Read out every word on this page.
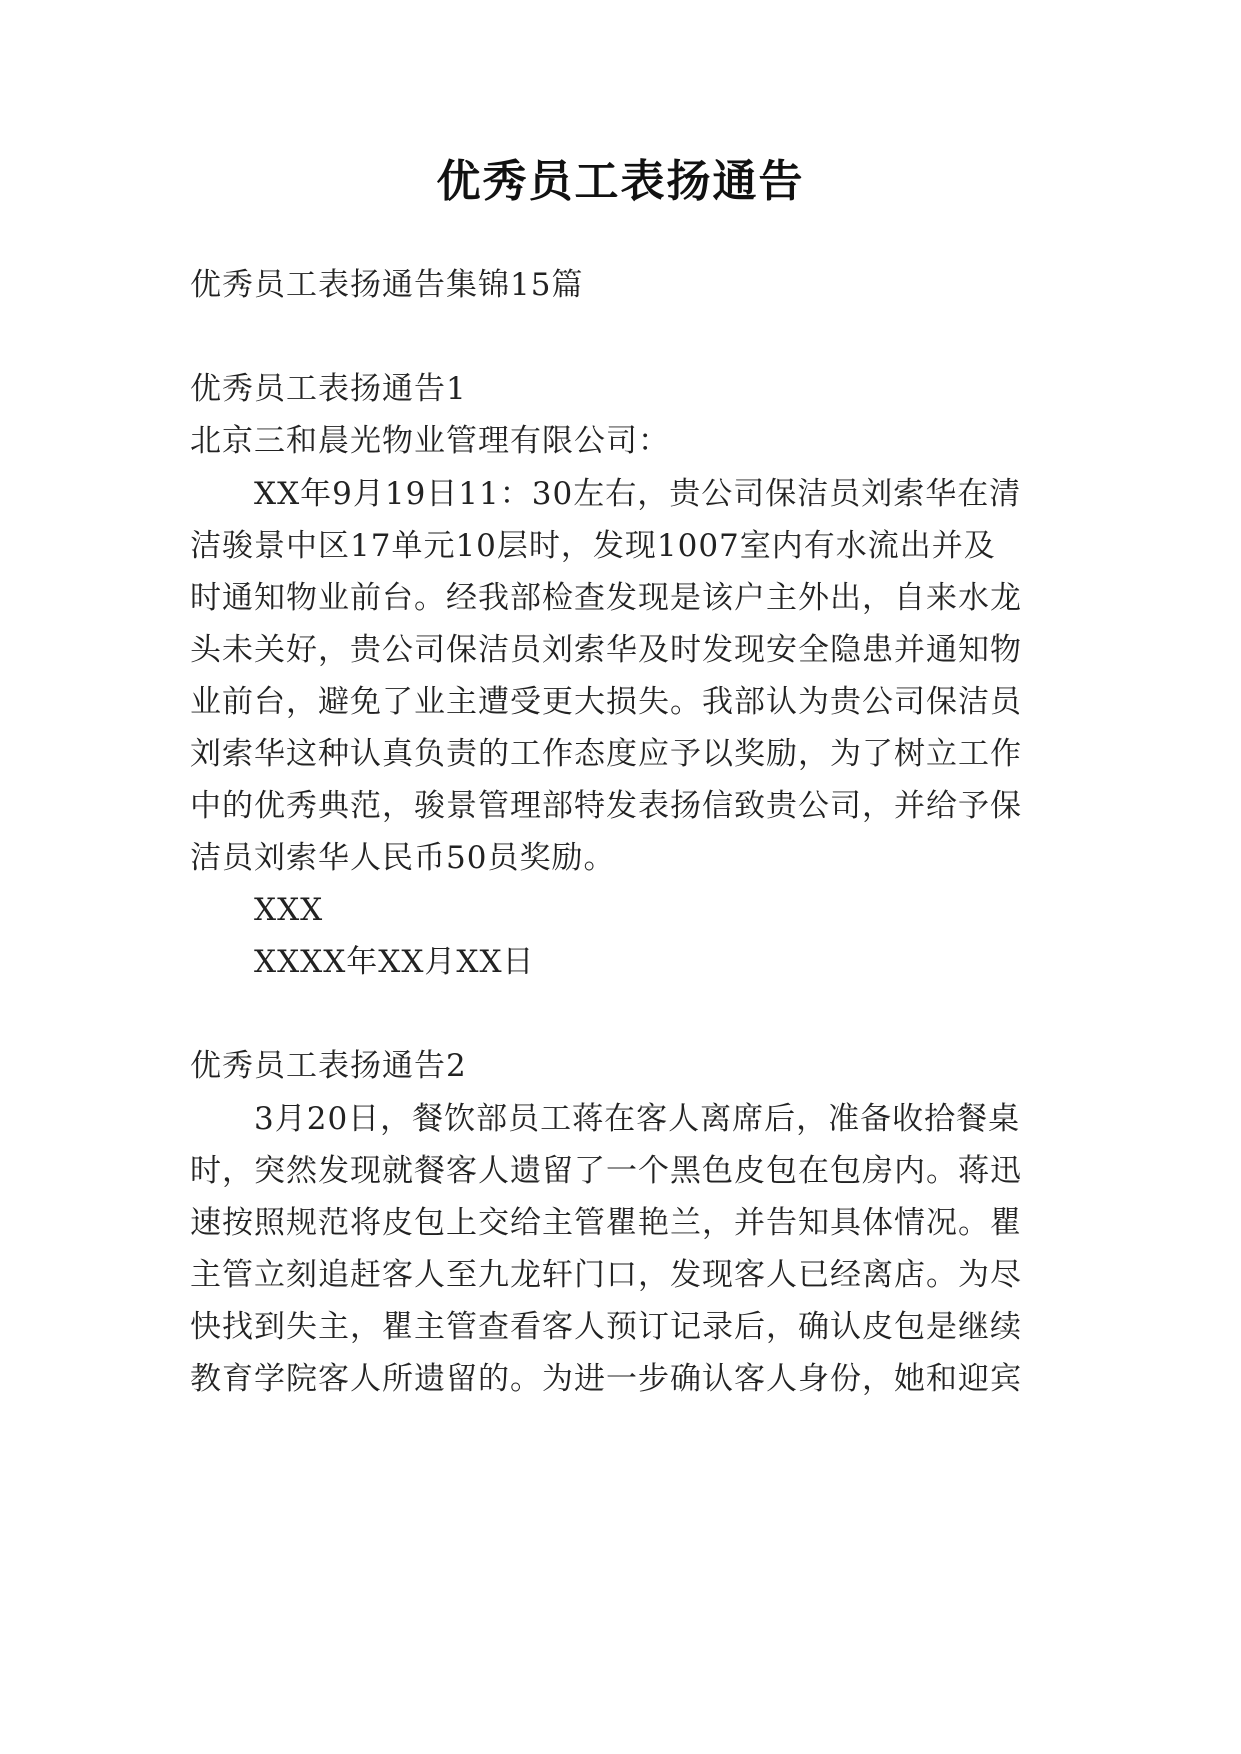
优秀员工表扬通告
优秀员工表扬通告集锦15篇
优秀员工表扬通告1
北京三和晨光物业管理有限公司：
XX年9月19日11：30左右，贵公司保洁员刘索华在清
洁骏景中区17单元10层时，发现1007室内有水流出并及
时通知物业前台。经我部检查发现是该户主外出，自来水龙
头未关好，贵公司保洁员刘索华及时发现安全隐患并通知物
业前台，避免了业主遭受更大损失。我部认为贵公司保洁员
刘索华这种认真负责的工作态度应予以奖励，为了树立工作
中的优秀典范，骏景管理部特发表扬信致贵公司，并给予保
洁员刘索华人民币50员奖励。
XXX
XXXX年XX月XX日
优秀员工表扬通告2
3月20日，餐饮部员工蒋在客人离席后，准备收拾餐桌
时，突然发现就餐客人遗留了一个黑色皮包在包房内。蒋迅
速按照规范将皮包上交给主管瞿艳兰，并告知具体情况。瞿
主管立刻追赶客人至九龙轩门口，发现客人已经离店。为尽
快找到失主，瞿主管查看客人预订记录后，确认皮包是继续
教育学院客人所遗留的。为进一步确认客人身份，她和迎宾
